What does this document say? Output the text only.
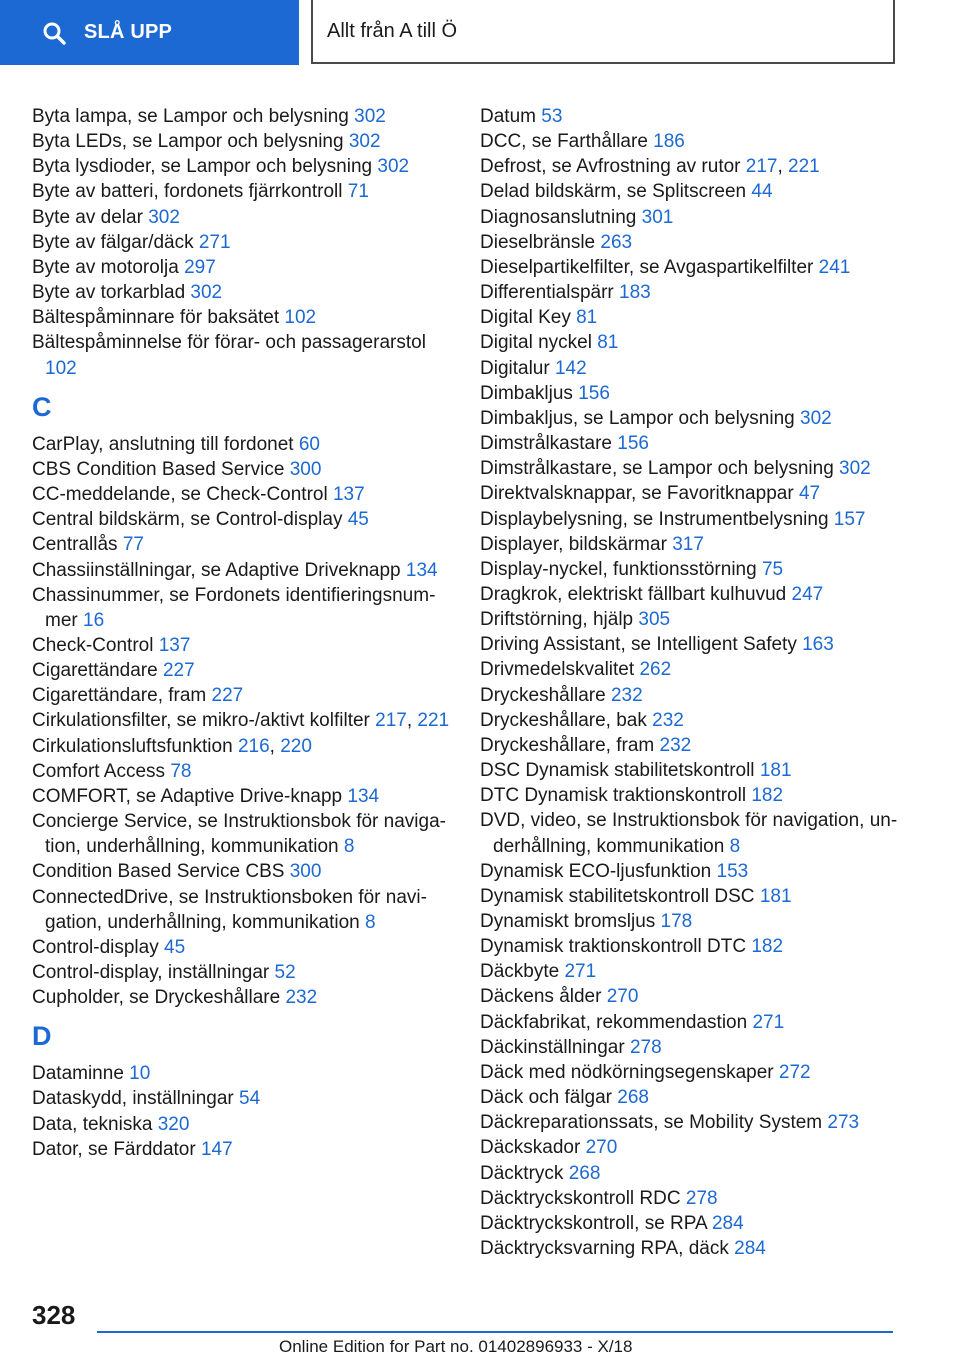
SLÅ UPP	Allt från A till Ö

Byta lampa, se Lampor och belysning 302

Byta LEDs, se Lampor och belysning 302

Byta lysdioder, se Lampor och belysning 302

Byte av batteri, fordonets fjärrkontroll 71

Byte av delar 302

Byte av fälgar/däck 271

Byte av motorolja 297

Byte av torkarblad 302

Bältespåminnare för baksätet 102

Bältespåminnelse för förar- och passagerarstol 102

C

CarPlay, anslutning till fordonet 60

CBS Condition Based Service 300

CC-meddelande, se Check-Control 137

Central bildskärm, se Control-display 45

Centrallås 77

Chassiinställningar, se Adaptive Driveknapp 134

Chassinummer, se Fordonets identifieringsnummer 16

Check-Control 137

Cigarettändare 227

Cigarettändare, fram 227

Cirkulationsfilter, se mikro-/aktivt kolfilter 217, 221

Cirkulationsluftsfunktion 216, 220

Comfort Access 78

COMFORT, se Adaptive Drive-knapp 134

Concierge Service, se Instruktionsbok för navigation, underhållning, kommunikation 8

Condition Based Service CBS 300

ConnectedDrive, se Instruktionsboken för navigation, underhållning, kommunikation 8

Control-display 45

Control-display, inställningar 52

Cupholder, se Dryckeshållare 232

D

Dataminne 10

Dataskydd, inställningar 54

Data, tekniska 320

Dator, se Färddator 147

Datum 53

DCC, se Farthållare 186

Defrost, se Avfrostning av rutor 217, 221

Delad bildskärm, se Splitscreen 44

Diagnosanslutning 301

Dieselbränsle 263

Dieselpartikelfilter, se Avgaspartikelfilter 241

Differentialspärr 183

Digital Key 81

Digital nyckel 81

Digitalur 142

Dimbakljus 156

Dimbakljus, se Lampor och belysning 302

Dimstrålkastare 156

Dimstrålkastare, se Lampor och belysning 302

Direktvalsknappar, se Favoritknappar 47

Displaybelysning, se Instrumentbelysning 157

Displayer, bildskärmar 317

Display-nyckel, funktionsstörning 75

Dragkrok, elektriskt fällbart kulhuvud 247

Driftstörning, hjälp 305

Driving Assistant, se Intelligent Safety 163

Drivmedelskvalitet 262

Dryckeshållare 232

Dryckeshållare, bak 232

Dryckeshållare, fram 232

DSC Dynamisk stabilitetskontroll 181

DTC Dynamisk traktionskontroll 182

DVD, video, se Instruktionsbok för navigation, underhållning, kommunikation 8

Dynamisk ECO-ljusfunktion 153

Dynamisk stabilitetskontroll DSC 181

Dynamiskt bromsljus 178

Dynamisk traktionskontroll DTC 182

Däckbyte 271

Däckens ålder 270

Däckfabrikat, rekommendastion 271

Däckinställningar 278

Däck med nödkörningsegenskaper 272

Däck och fälgar 268

Däckreparationssats, se Mobility System 273

Däckskador 270

Däcktryck 268

Däcktryckskontroll RDC 278

Däcktryckskontroll, se RPA 284

Däcktrycksvarning RPA, däck 284

328
Online Edition for Part no. 01402896933 - X/18
